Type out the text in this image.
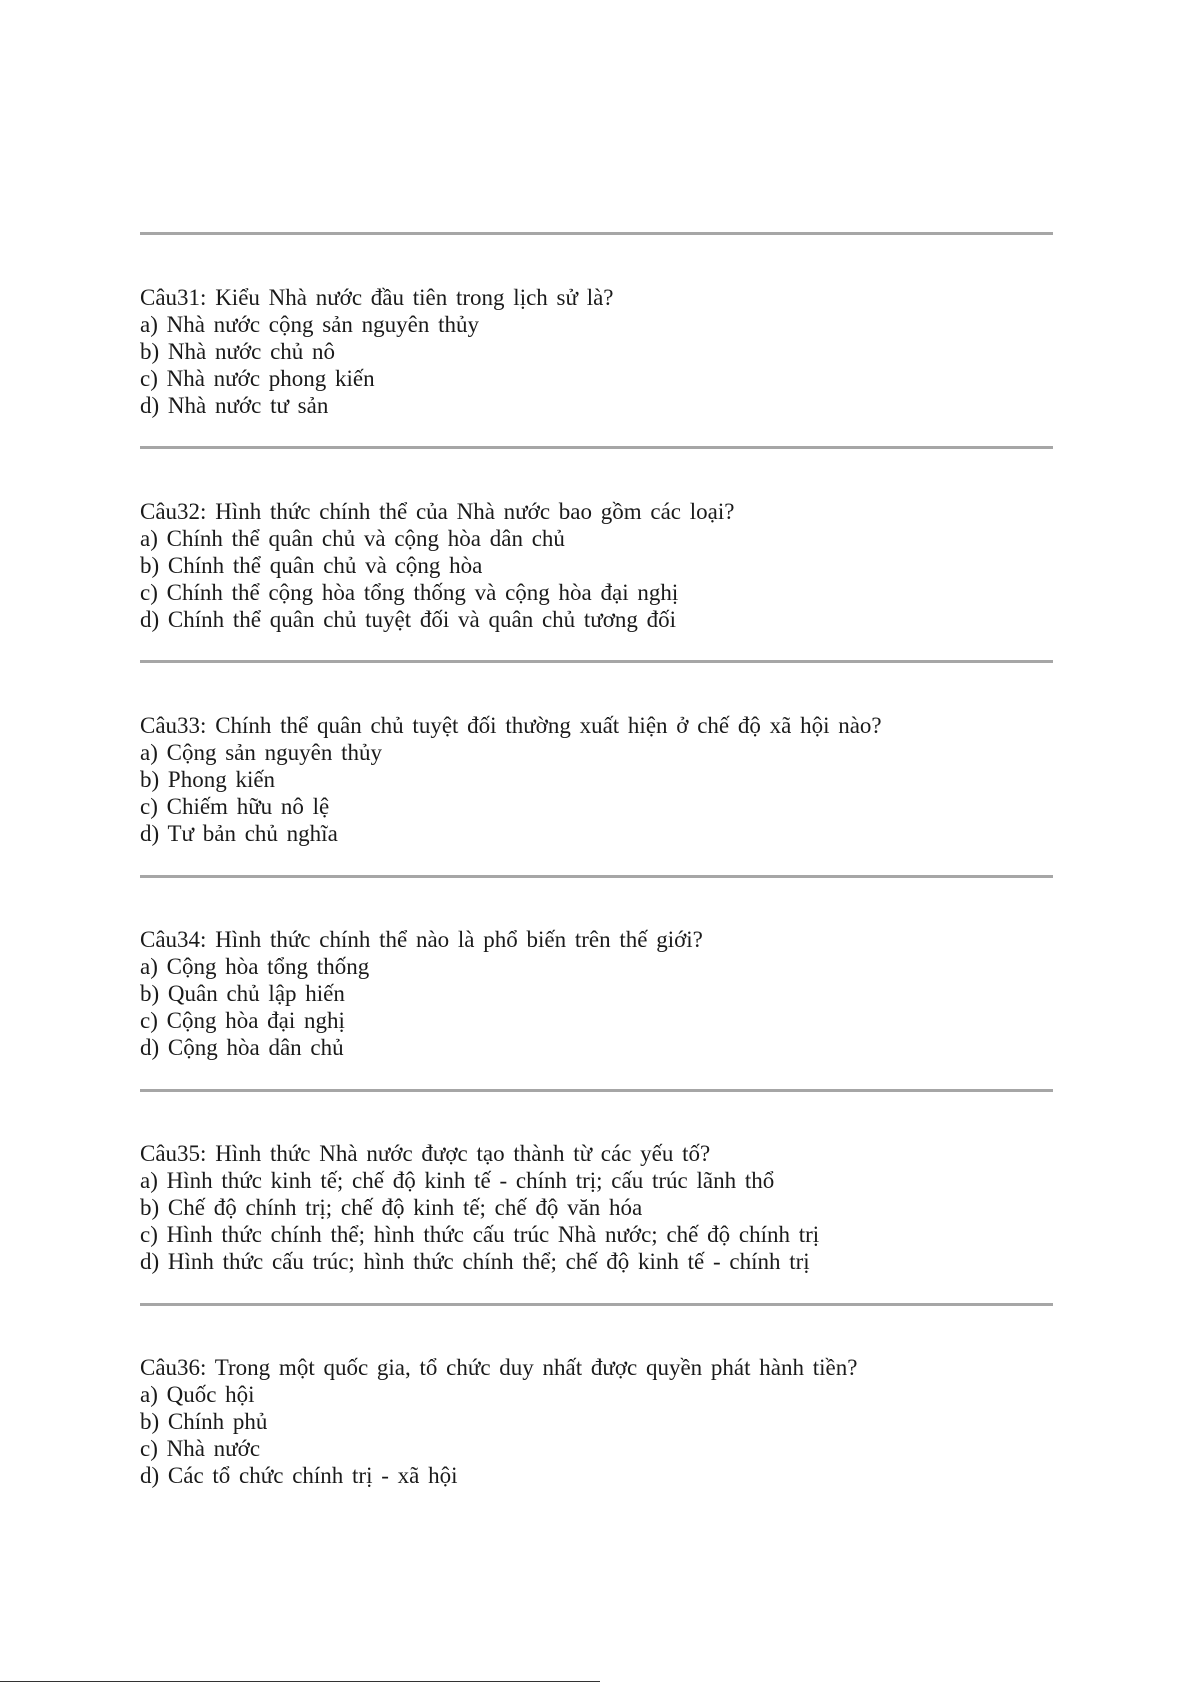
Câu31: Kiểu Nhà nước đầu tiên trong lịch sử là?
a) Nhà nước cộng sản nguyên thủy
b) Nhà nước chủ nô
c) Nhà nước phong kiến
d) Nhà nước tư sản
Câu32: Hình thức chính thể của Nhà nước bao gồm các loại?
a) Chính thể quân chủ và cộng hòa dân chủ
b) Chính thể quân chủ và cộng hòa
c) Chính thể cộng hòa tổng thống và cộng hòa đại nghị
d) Chính thể quân chủ tuyệt đối và quân chủ tương đối
Câu33: Chính thể quân chủ tuyệt đối thường xuất hiện ở chế độ xã hội nào?
a) Cộng sản nguyên thủy
b) Phong kiến
c) Chiếm hữu nô lệ
d) Tư bản chủ nghĩa
Câu34: Hình thức chính thể nào là phổ biến trên thế giới?
a) Cộng hòa tổng thống
b) Quân chủ lập hiến
c) Cộng hòa đại nghị
d) Cộng hòa dân chủ
Câu35: Hình thức Nhà nước được tạo thành từ các yếu tố?
a) Hình thức kinh tế; chế độ kinh tế - chính trị; cấu trúc lãnh thổ
b) Chế độ chính trị; chế độ kinh tế; chế độ văn hóa
c) Hình thức chính thể; hình thức cấu trúc Nhà nước; chế độ chính trị
d) Hình thức cấu trúc; hình thức chính thể; chế độ kinh tế - chính trị
Câu36: Trong một quốc gia, tổ chức duy nhất được quyền phát hành tiền?
a) Quốc hội
b) Chính phủ
c) Nhà nước
d) Các tổ chức chính trị - xã hội
